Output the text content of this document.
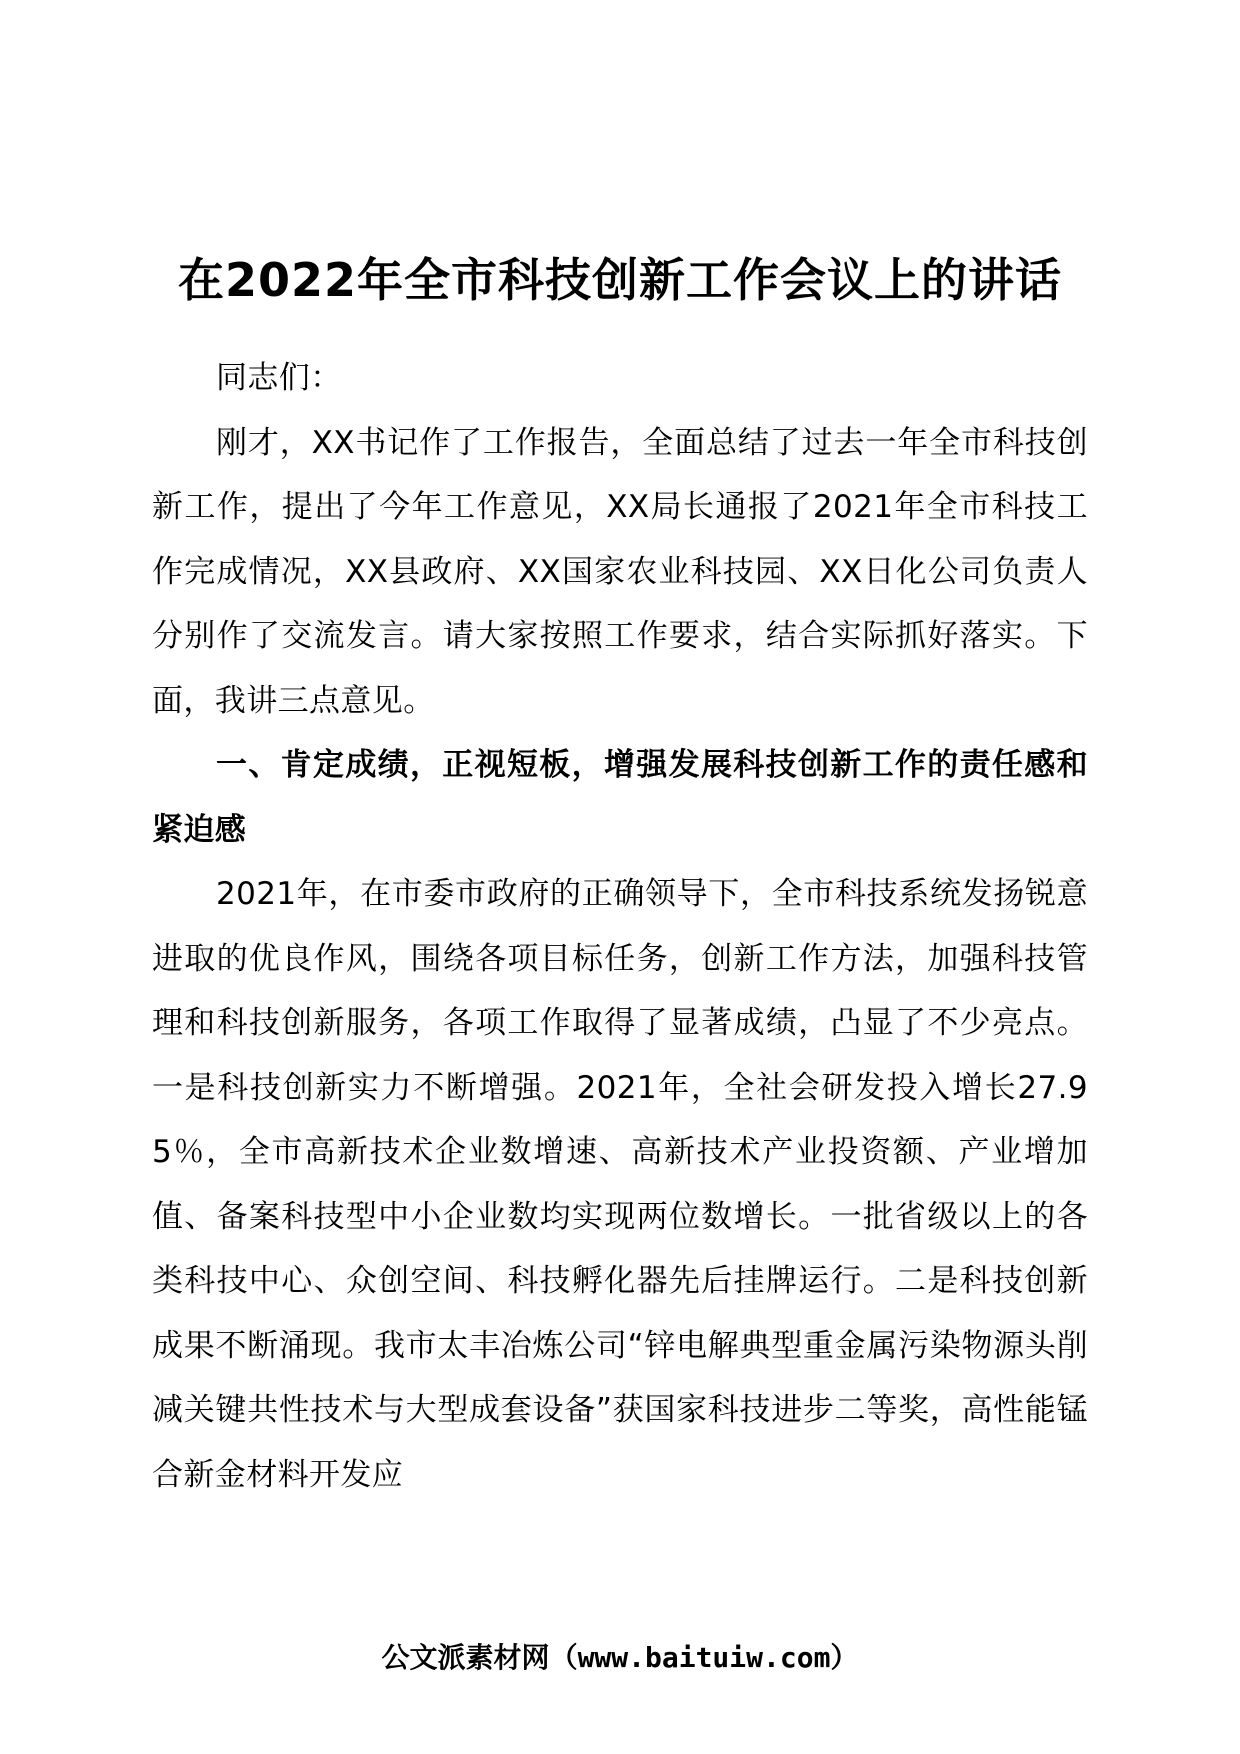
在2022年全市科技创新工作会议上的讲话

同志们：

刚才，XX书记作了工作报告，全面总结了过去一年全市科技创新工作，提出了今年工作意见，XX局长通报了2021年全市科技工作完成情况，XX县政府、XX国家农业科技园、XX日化公司负责人分别作了交流发言。请大家按照工作要求，结合实际抓好落实。下面，我讲三点意见。

一、肯定成绩，正视短板，增强发展科技创新工作的责任感和紧迫感

2021年，在市委市政府的正确领导下，全市科技系统发扬锐意进取的优良作风，围绕各项目标任务，创新工作方法，加强科技管理和科技创新服务，各项工作取得了显著成绩，凸显了不少亮点。一是科技创新实力不断增强。2021年，全社会研发投入增长27.95％，全市高新技术企业数增速、高新技术产业投资额、产业增加值、备案科技型中小企业数均实现两位数增长。一批省级以上的各类科技中心、众创空间、科技孵化器先后挂牌运行。二是科技创新成果不断涌现。我市太丰冶炼公司“锌电解典型重金属污染物源头削减关键共性技术与大型成套设备”获国家科技进步二等奖，高性能锰合新金材料开发应

公文派素材网（www.baituiw.com）
